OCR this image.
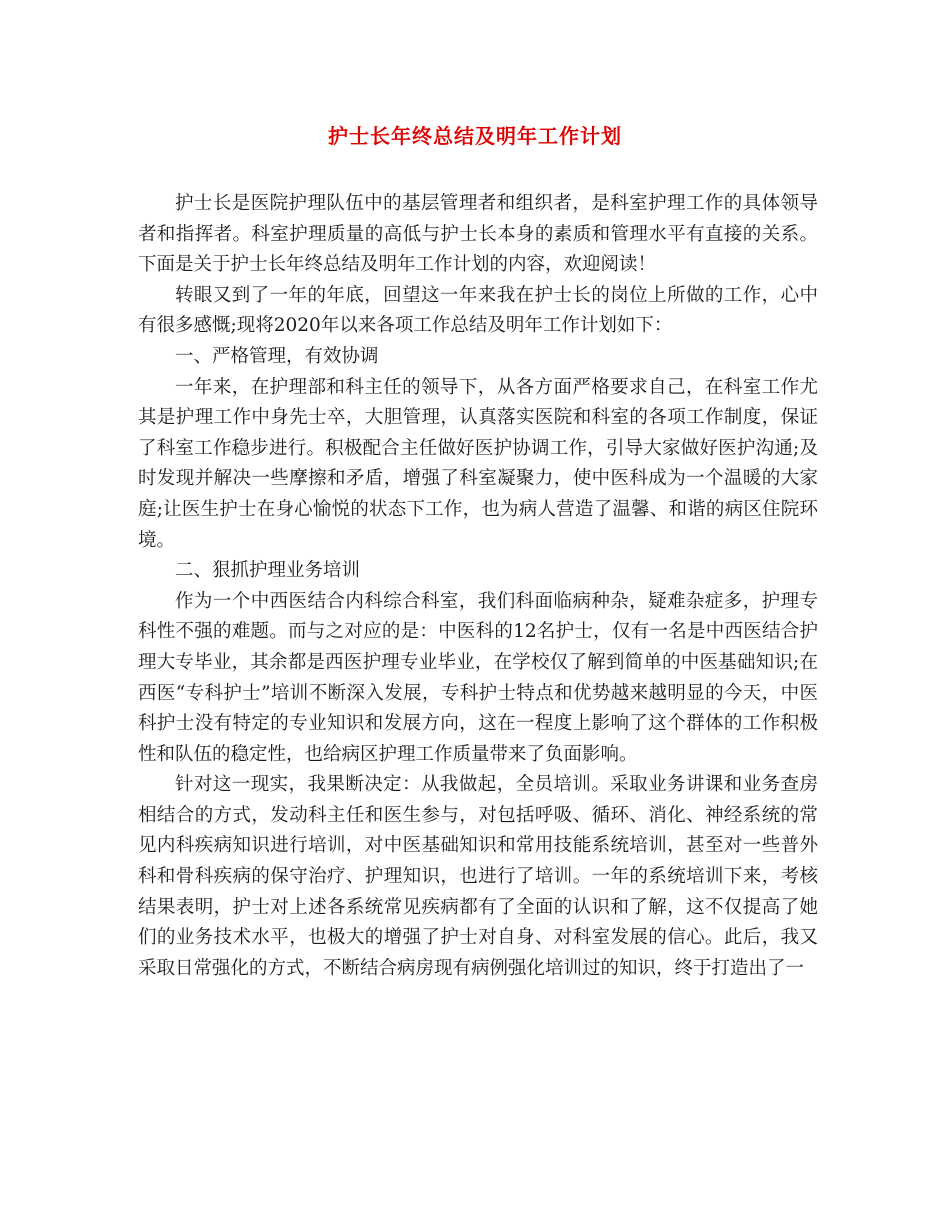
护士长年终总结及明年工作计划

护士长是医院护理队伍中的基层管理者和组织者，是科室护理工作的具体领导者和指挥者。科室护理质量的高低与护士长本身的素质和管理水平有直接的关系。下面是关于护士长年终总结及明年工作计划的内容，欢迎阅读！

转眼又到了一年的年底，回望这一年来我在护士长的岗位上所做的工作，心中有很多感慨;现将2020年以来各项工作总结及明年工作计划如下：

一、严格管理，有效协调

一年来，在护理部和科主任的领导下，从各方面严格要求自己，在科室工作尤其是护理工作中身先士卒，大胆管理，认真落实医院和科室的各项工作制度，保证了科室工作稳步进行。积极配合主任做好医护协调工作，引导大家做好医护沟通;及时发现并解决一些摩擦和矛盾，增强了科室凝聚力，使中医科成为一个温暖的大家庭;让医生护士在身心愉悦的状态下工作，也为病人营造了温馨、和谐的病区住院环境。

二、狠抓护理业务培训

作为一个中西医结合内科综合科室，我们科面临病种杂，疑难杂症多，护理专科性不强的难题。而与之对应的是：中医科的12名护士，仅有一名是中西医结合护理大专毕业，其余都是西医护理专业毕业，在学校仅了解到简单的中医基础知识;在西医“专科护士”培训不断深入发展，专科护士特点和优势越来越明显的今天，中医科护士没有特定的专业知识和发展方向，这在一程度上影响了这个群体的工作积极性和队伍的稳定性，也给病区护理工作质量带来了负面影响。

针对这一现实，我果断决定：从我做起，全员培训。采取业务讲课和业务查房相结合的方式，发动科主任和医生参与，对包括呼吸、循环、消化、神经系统的常见内科疾病知识进行培训，对中医基础知识和常用技能系统培训，甚至对一些普外科和骨科疾病的保守治疗、护理知识，也进行了培训。一年的系统培训下来，考核结果表明，护士对上述各系统常见疾病都有了全面的认识和了解，这不仅提高了她们的业务技术水平，也极大的增强了护士对自身、对科室发展的信心。此后，我又采取日常强化的方式，不断结合病房现有病例强化培训过的知识，终于打造出了一
